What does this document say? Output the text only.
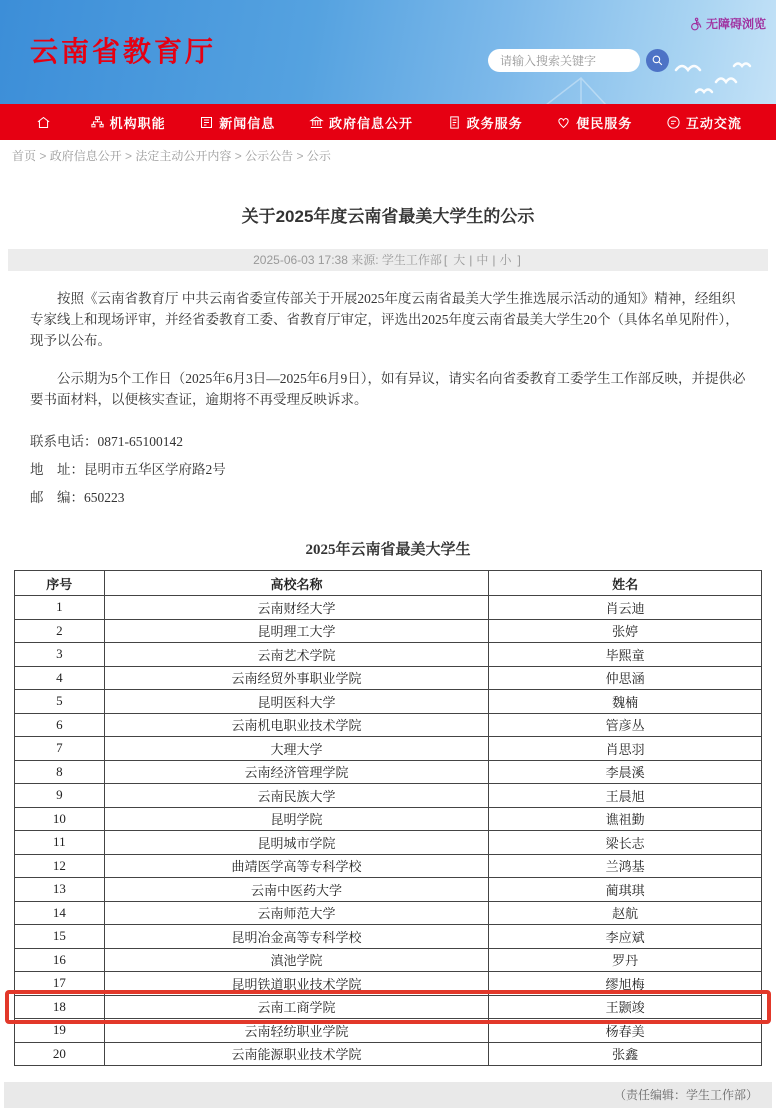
云南省教育厅
无障碍浏览
请输入搜索关键字
机构职能	新闻信息	政府信息公开	政务服务	便民服务	互动交流
首页 > 政府信息公开 > 法定主动公开内容 > 公示公告 > 公示
关于2025年度云南省最美大学生的公示
2025-06-03 17:38 来源: 学生工作部 [ 大 | 中 | 小 ]

按照《云南省教育厅 中共云南省委宣传部关于开展2025年度云南省最美大学生推选展示活动的通知》精神，经组织专家线上和现场评审，并经省委教育工委、省教育厅审定，评选出2025年度云南省最美大学生20个（具体名单见附件），现予以公布。

公示期为5个工作日（2025年6月3日—2025年6月9日），如有异议，请实名向省委教育工委学生工作部反映，并提供必要书面材料，以便核实查证，逾期将不再受理反映诉求。

联系电话：0871-65100142

地　址：昆明市五华区学府路2号

邮　编：650223

2025年云南省最美大学生
序号	高校名称	姓名
1	云南财经大学	肖云迪
2	昆明理工大学	张婷
3	云南艺术学院	毕熙童
4	云南经贸外事职业学院	仲思涵
5	昆明医科大学	魏楠
6	云南机电职业技术学院	管彦丛
7	大理大学	肖思羽
8	云南经济管理学院	李晨溪
9	云南民族大学	王晨旭
10	昆明学院	谯祖勤
11	昆明城市学院	梁长志
12	曲靖医学高等专科学校	兰鸿基
13	云南中医药大学	蔺琪琪
14	云南师范大学	赵航
15	昆明冶金高等专科学校	李应斌
16	滇池学院	罗丹
17	昆明铁道职业技术学院	缪旭梅
18	云南工商学院	王颢竣
19	云南轻纺职业学院	杨春美
20	云南能源职业技术学院	张鑫
（责任编辑：学生工作部）
